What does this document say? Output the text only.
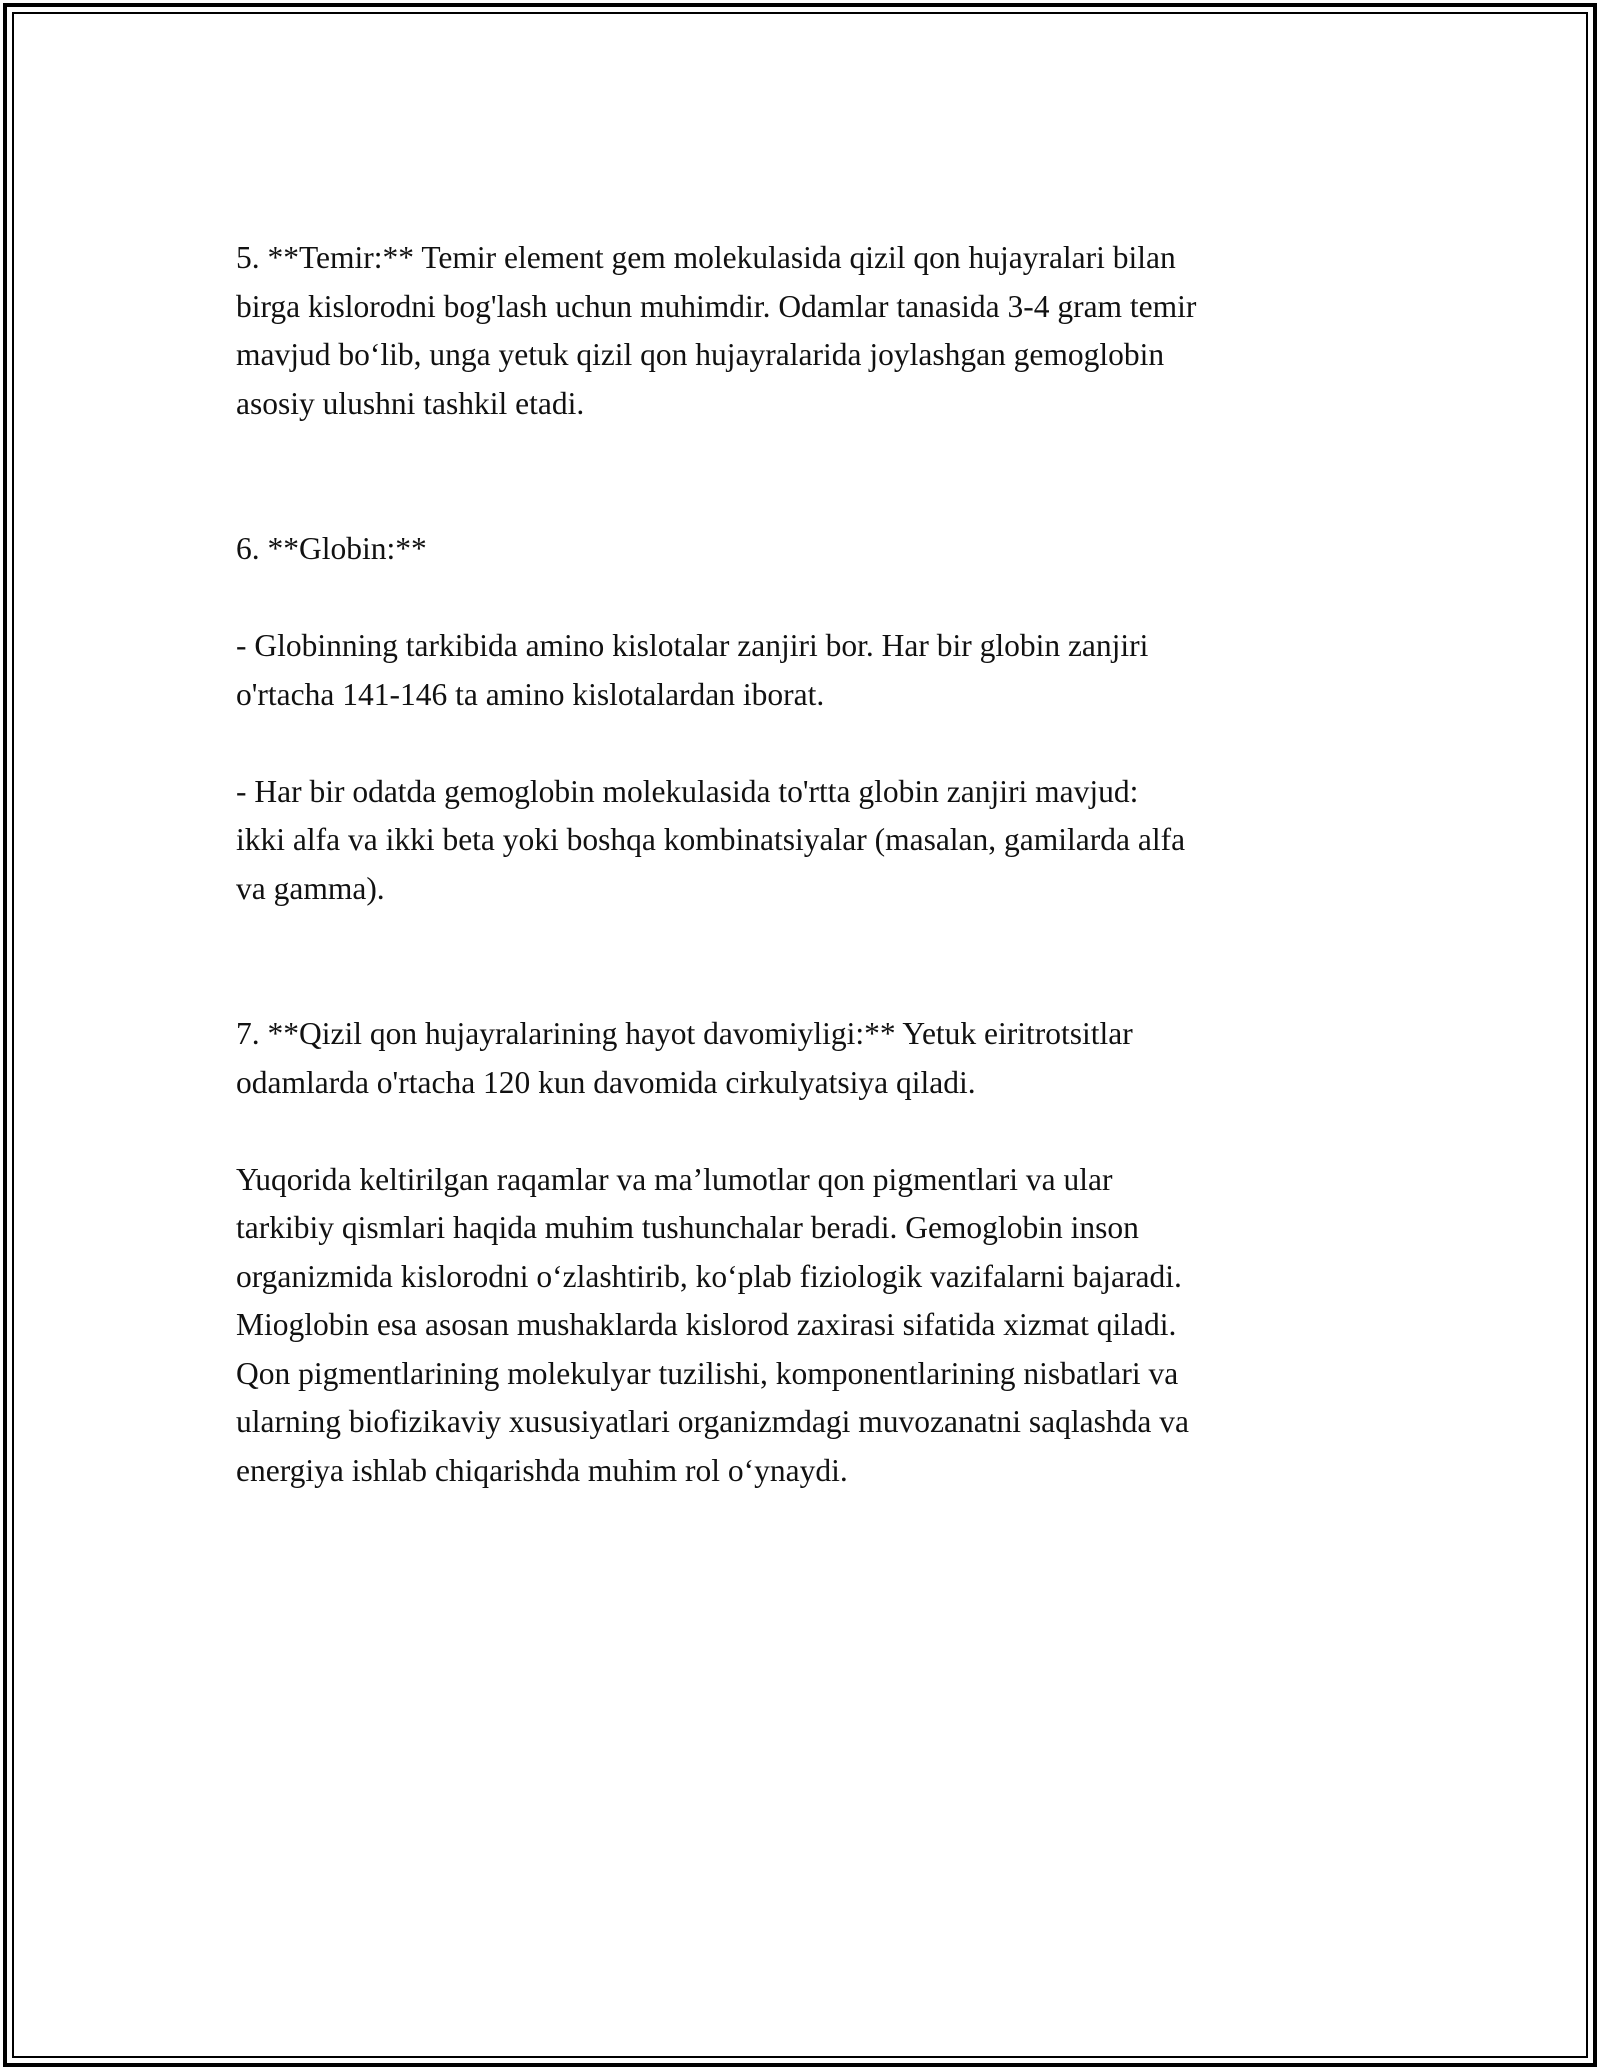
5. **Temir:** Temir element gem molekulasida qizil qon hujayralari bilan
birga kislorodni bog'lash uchun muhimdir. Odamlar tanasida 3-4 gram temir
mavjud bo‘lib, unga yetuk qizil qon hujayralarida joylashgan gemoglobin
asosiy ulushni tashkil etadi.

6. **Globin:**

- Globinning tarkibida amino kislotalar zanjiri bor. Har bir globin zanjiri
o'rtacha 141-146 ta amino kislotalardan iborat.

- Har bir odatda gemoglobin molekulasida to'rtta globin zanjiri mavjud:
ikki alfa va ikki beta yoki boshqa kombinatsiyalar (masalan, gamilarda alfa
va gamma).

7. **Qizil qon hujayralarining hayot davomiyligi:** Yetuk eiritrotsitlar
odamlarda o'rtacha 120 kun davomida cirkulyatsiya qiladi.

Yuqorida keltirilgan raqamlar va ma’lumotlar qon pigmentlari va ular
tarkibiy qismlari haqida muhim tushunchalar beradi. Gemoglobin inson
organizmida kislorodni o‘zlashtirib, ko‘plab fiziologik vazifalarni bajaradi.
Mioglobin esa asosan mushaklarda kislorod zaxirasi sifatida xizmat qiladi.
Qon pigmentlarining molekulyar tuzilishi, komponentlarining nisbatlari va
ularning biofizikaviy xususiyatlari organizmdagi muvozanatni saqlashda va
energiya ishlab chiqarishda muhim rol o‘ynaydi.
